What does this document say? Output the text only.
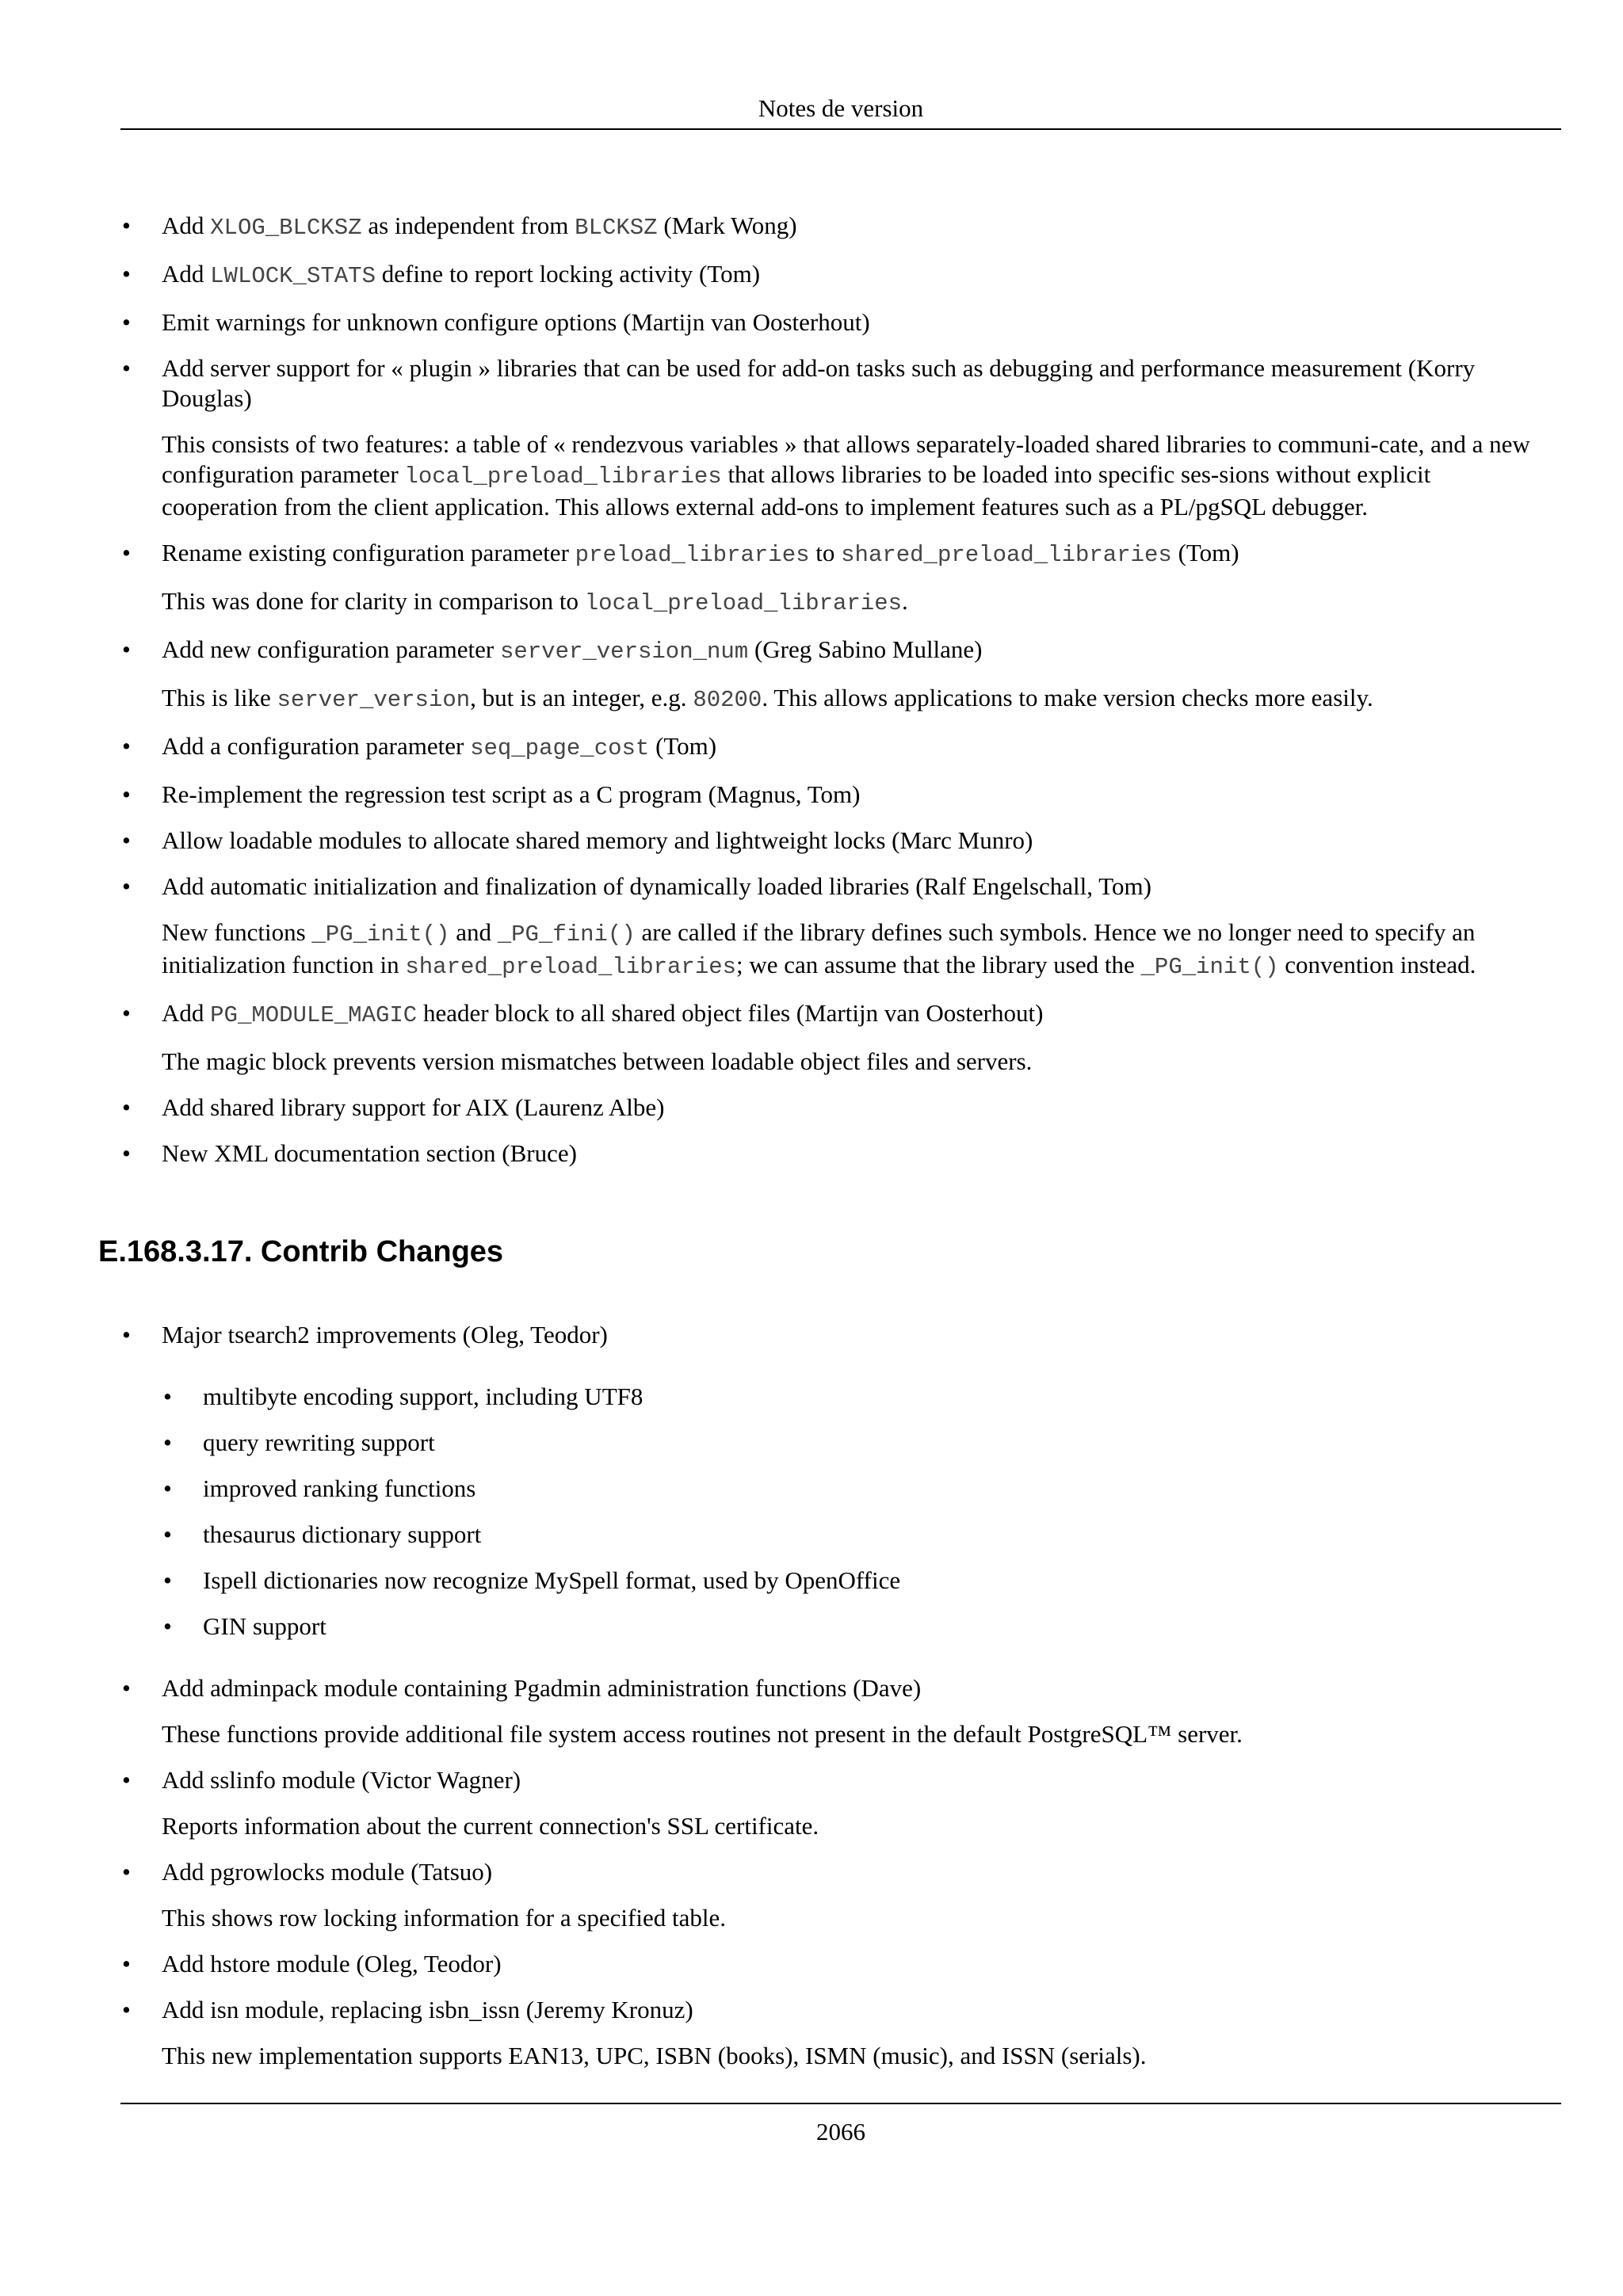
Notes de version
• Add XLOG_BLCKSZ as independent from BLCKSZ (Mark Wong)
• Add LWLOCK_STATS define to report locking activity (Tom)
• Emit warnings for unknown configure options (Martijn van Oosterhout)
• Add server support for « plugin » libraries that can be used for add-on tasks such as debugging and performance measurement (Korry Douglas)
This consists of two features: a table of « rendezvous variables » that allows separately-loaded shared libraries to communi-cate, and a new configuration parameter local_preload_libraries that allows libraries to be loaded into specific ses-sions without explicit cooperation from the client application. This allows external add-ons to implement features such as a PL/pgSQL debugger.
• Rename existing configuration parameter preload_libraries to shared_preload_libraries (Tom)
This was done for clarity in comparison to local_preload_libraries.
• Add new configuration parameter server_version_num (Greg Sabino Mullane)
This is like server_version, but is an integer, e.g. 80200. This allows applications to make version checks more easily.
• Add a configuration parameter seq_page_cost (Tom)
• Re-implement the regression test script as a C program (Magnus, Tom)
• Allow loadable modules to allocate shared memory and lightweight locks (Marc Munro)
• Add automatic initialization and finalization of dynamically loaded libraries (Ralf Engelschall, Tom)
New functions _PG_init() and _PG_fini() are called if the library defines such symbols. Hence we no longer need to specify an initialization function in shared_preload_libraries; we can assume that the library used the _PG_init() convention instead.
• Add PG_MODULE_MAGIC header block to all shared object files (Martijn van Oosterhout)
The magic block prevents version mismatches between loadable object files and servers.
• Add shared library support for AIX (Laurenz Albe)
• New XML documentation section (Bruce)
E.168.3.17. Contrib Changes
• Major tsearch2 improvements (Oleg, Teodor)
• multibyte encoding support, including UTF8
• query rewriting support
• improved ranking functions
• thesaurus dictionary support
• Ispell dictionaries now recognize MySpell format, used by OpenOffice
• GIN support
• Add adminpack module containing Pgadmin administration functions (Dave)
These functions provide additional file system access routines not present in the default PostgreSQL™ server.
• Add sslinfo module (Victor Wagner)
Reports information about the current connection's SSL certificate.
• Add pgrowlocks module (Tatsuo)
This shows row locking information for a specified table.
• Add hstore module (Oleg, Teodor)
• Add isn module, replacing isbn_issn (Jeremy Kronuz)
This new implementation supports EAN13, UPC, ISBN (books), ISMN (music), and ISSN (serials).
2066
